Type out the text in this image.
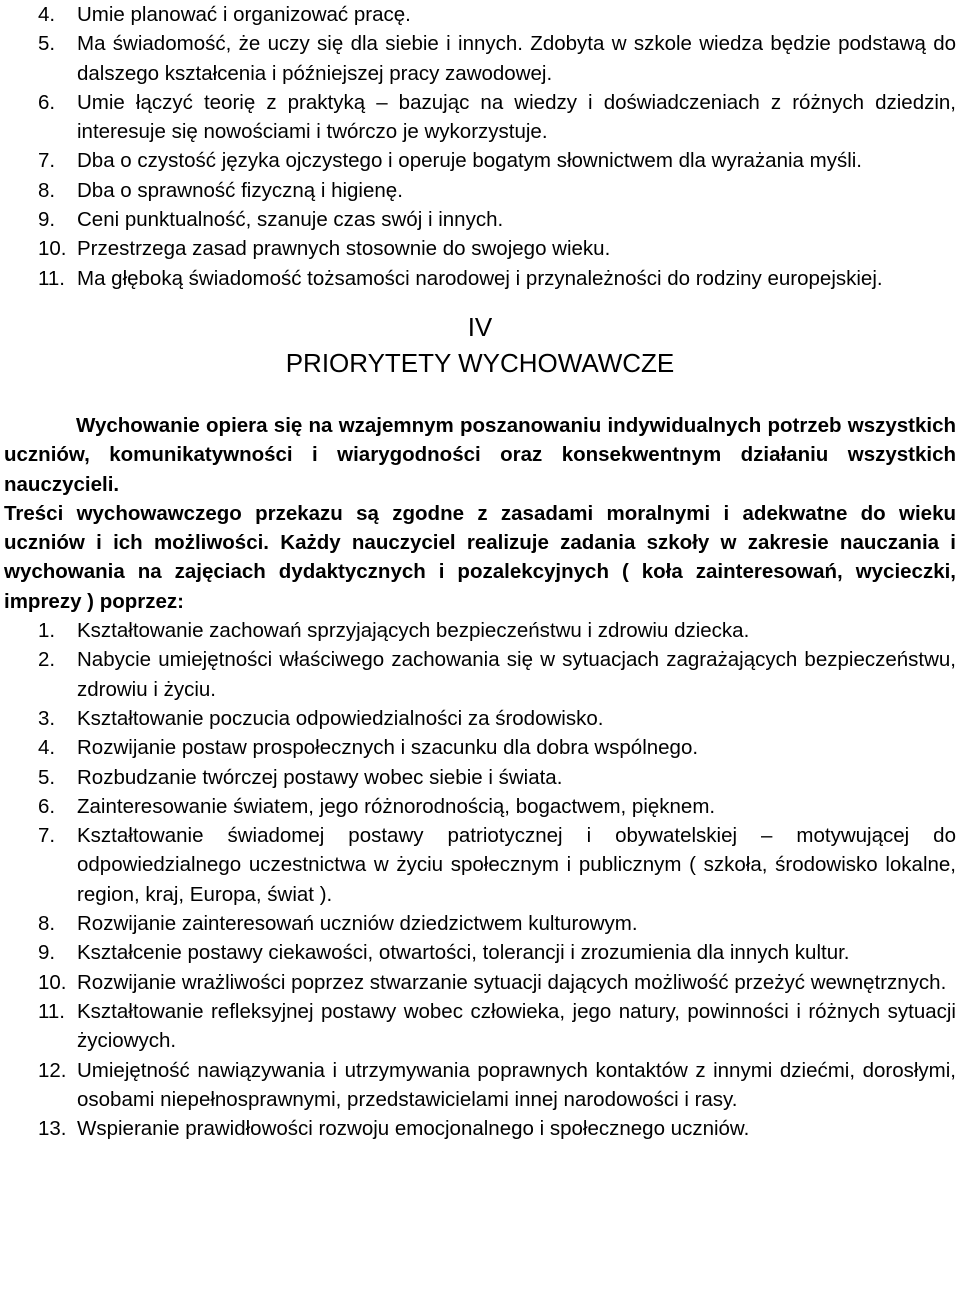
4. Umie planować i organizować pracę.
5. Ma świadomość, że uczy się dla siebie i innych. Zdobyta w szkole wiedza będzie podstawą do dalszego kształcenia i późniejszej pracy zawodowej.
6. Umie łączyć teorię z praktyką – bazując na wiedzy i doświadczeniach z różnych dziedzin, interesuje się nowościami i twórczo je wykorzystuje.
7. Dba o czystość języka ojczystego i operuje bogatym słownictwem dla wyrażania myśli.
8. Dba o sprawność fizyczną i higienę.
9. Ceni punktualność, szanuje czas swój i innych.
10. Przestrzega zasad prawnych stosownie do swojego wieku.
11. Ma głęboką świadomość tożsamości narodowej i przynależności do rodziny europejskiej.
IV
PRIORYTETY WYCHOWAWCZE

Wychowanie opiera się na wzajemnym poszanowaniu indywidualnych potrzeb wszystkich uczniów, komunikatywności i wiarygodności oraz konsekwentnym działaniu wszystkich nauczycieli.

Treści wychowawczego przekazu są zgodne z zasadami moralnymi i adekwatne do wieku uczniów i ich możliwości. Każdy nauczyciel realizuje zadania szkoły w zakresie nauczania i wychowania na zajęciach dydaktycznych i pozalekcyjnych ( koła zainteresowań, wycieczki, imprezy ) poprzez:

1. Kształtowanie zachowań sprzyjających bezpieczeństwu i zdrowiu dziecka.
2. Nabycie umiejętności właściwego zachowania się w sytuacjach zagrażających bezpieczeństwu, zdrowiu i życiu.
3. Kształtowanie poczucia odpowiedzialności za środowisko.
4. Rozwijanie postaw prospołecznych i szacunku dla dobra wspólnego.
5. Rozbudzanie twórczej postawy wobec siebie i świata.
6. Zainteresowanie światem, jego różnorodnością, bogactwem, pięknem.
7. Kształtowanie świadomej postawy patriotycznej i obywatelskiej – motywującej do odpowiedzialnego uczestnictwa w życiu społecznym i publicznym ( szkoła, środowisko lokalne, region, kraj, Europa, świat ).
8. Rozwijanie zainteresowań uczniów dziedzictwem kulturowym.
9. Kształcenie postawy ciekawości, otwartości, tolerancji i zrozumienia dla innych kultur.
10. Rozwijanie wrażliwości poprzez stwarzanie sytuacji dających możliwość przeżyć wewnętrznych.
11. Kształtowanie refleksyjnej postawy wobec człowieka, jego natury, powinności i różnych sytuacji życiowych.
12. Umiejętność nawiązywania i utrzymywania poprawnych kontaktów z innymi dziećmi, dorosłymi, osobami niepełnosprawnymi, przedstawicielami innej narodowości i rasy.
13. Wspieranie prawidłowości rozwoju emocjonalnego i społecznego uczniów.
